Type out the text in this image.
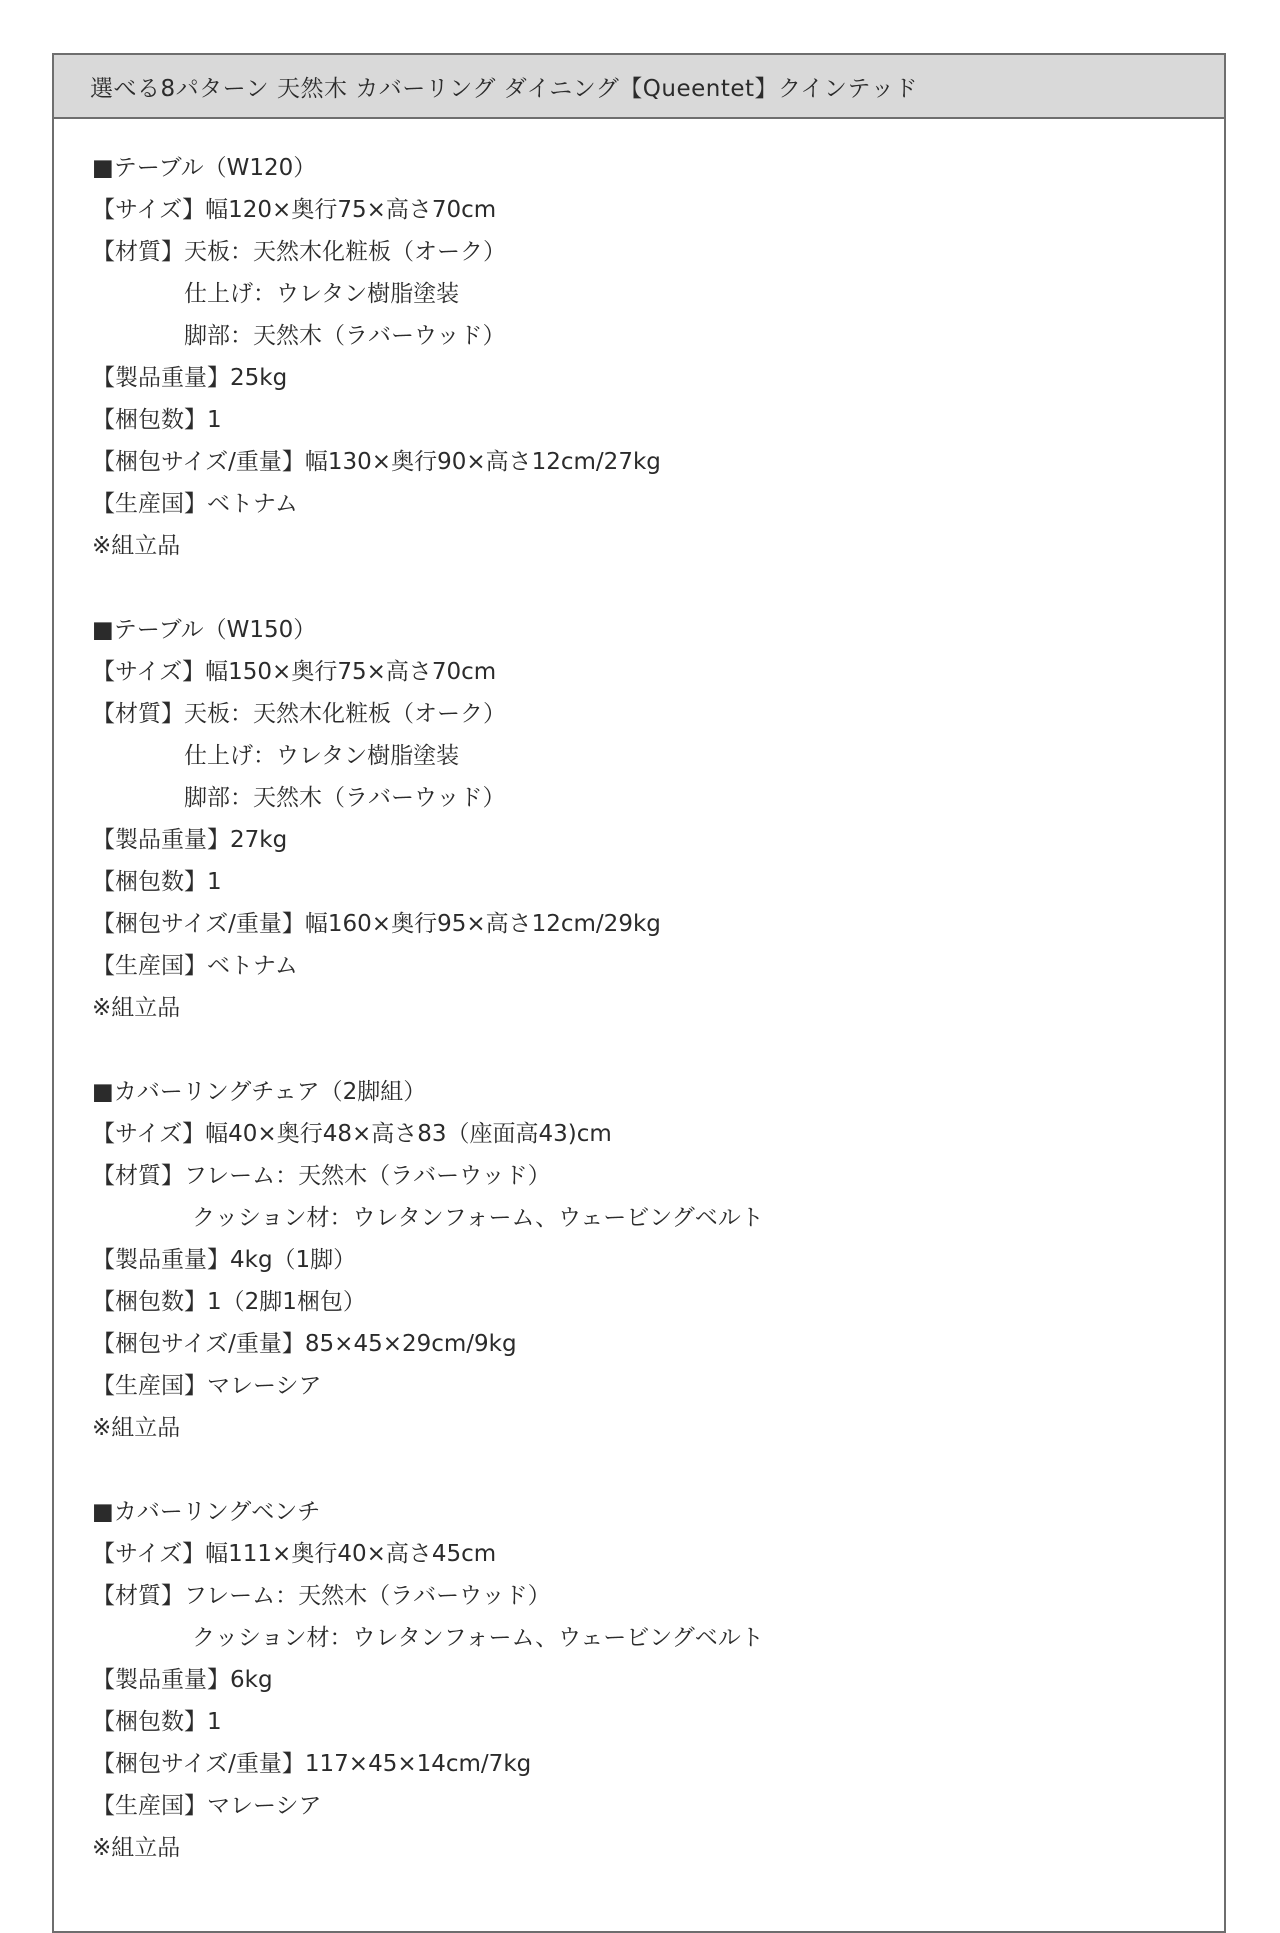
選べる8パターン 天然木 カバーリング ダイニング【Queentet】クインテッド
■テーブル（W120）
【サイズ】幅120×奥行75×高さ70cm
【材質】天板：天然木化粧板（オーク）
仕上げ：ウレタン樹脂塗装
脚部：天然木（ラバーウッド）
【製品重量】25kg
【梱包数】1
【梱包サイズ/重量】幅130×奥行90×高さ12cm/27kg
【生産国】ベトナム
※組立品
■テーブル（W150）
【サイズ】幅150×奥行75×高さ70cm
【材質】天板：天然木化粧板（オーク）
仕上げ：ウレタン樹脂塗装
脚部：天然木（ラバーウッド）
【製品重量】27kg
【梱包数】1
【梱包サイズ/重量】幅160×奥行95×高さ12cm/29kg
【生産国】ベトナム
※組立品
■カバーリングチェア（2脚組）
【サイズ】幅40×奥行48×高さ83（座面高43)cm
【材質】フレーム：天然木（ラバーウッド）
クッション材：ウレタンフォーム、ウェービングベルト
【製品重量】4kg（1脚）
【梱包数】1（2脚1梱包）
【梱包サイズ/重量】85×45×29cm/9kg
【生産国】マレーシア
※組立品
■カバーリングベンチ
【サイズ】幅111×奥行40×高さ45cm
【材質】フレーム：天然木（ラバーウッド）
クッション材：ウレタンフォーム、ウェービングベルト
【製品重量】6kg
【梱包数】1
【梱包サイズ/重量】117×45×14cm/7kg
【生産国】マレーシア
※組立品
